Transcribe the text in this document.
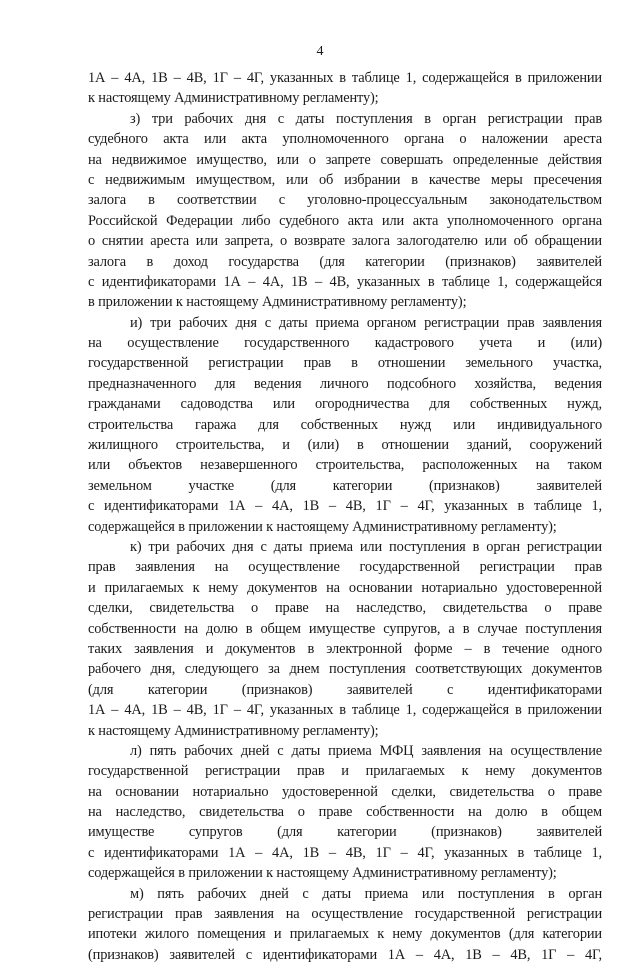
4
1А – 4А, 1В – 4В, 1Г – 4Г, указанных в таблице 1, содержащейся в приложении
к настоящему Административному регламенту);
з) три рабочих дня с даты поступления в орган регистрации прав
судебного акта или акта уполномоченного органа о наложении ареста
на недвижимое имущество, или о запрете совершать определенные действия
с недвижимым имуществом, или об избрании в качестве меры пресечения
залога в соответствии с уголовно-процессуальным законодательством
Российской Федерации либо судебного акта или акта уполномоченного органа
о снятии ареста или запрета, о возврате залога залогодателю или об обращении
залога в доход государства (для категории (признаков) заявителей
с идентификаторами 1А – 4А, 1В – 4В, указанных в таблице 1, содержащейся
в приложении к настоящему Административному регламенту);
и) три рабочих дня с даты приема органом регистрации прав заявления
на осуществление государственного кадастрового учета и (или)
государственной регистрации прав в отношении земельного участка,
предназначенного для ведения личного подсобного хозяйства, ведения
гражданами садоводства или огородничества для собственных нужд,
строительства гаража для собственных нужд или индивидуального
жилищного строительства, и (или) в отношении зданий, сооружений
или объектов незавершенного строительства, расположенных на таком
земельном участке (для категории (признаков) заявителей
с идентификаторами 1А – 4А, 1В – 4В, 1Г – 4Г, указанных в таблице 1,
содержащейся в приложении к настоящему Административному регламенту);
к) три рабочих дня с даты приема или поступления в орган регистрации
прав заявления на осуществление государственной регистрации прав
и прилагаемых к нему документов на основании нотариально удостоверенной
сделки, свидетельства о праве на наследство, свидетельства о праве
собственности на долю в общем имуществе супругов, а в случае поступления
таких заявления и документов в электронной форме – в течение одного
рабочего дня, следующего за днем поступления соответствующих документов
(для категории (признаков) заявителей с идентификаторами
1А – 4А, 1В – 4В, 1Г – 4Г, указанных в таблице 1, содержащейся в приложении
к настоящему Административному регламенту);
л) пять рабочих дней с даты приема МФЦ заявления на осуществление
государственной регистрации прав и прилагаемых к нему документов
на основании нотариально удостоверенной сделки, свидетельства о праве
на наследство, свидетельства о праве собственности на долю в общем
имуществе супругов (для категории (признаков) заявителей
с идентификаторами 1А – 4А, 1В – 4В, 1Г – 4Г, указанных в таблице 1,
содержащейся в приложении к настоящему Административному регламенту);
м) пять рабочих дней с даты приема или поступления в орган
регистрации прав заявления на осуществление государственной регистрации
ипотеки жилого помещения и прилагаемых к нему документов (для категории
(признаков) заявителей с идентификаторами 1А – 4А, 1В – 4В, 1Г – 4Г,
